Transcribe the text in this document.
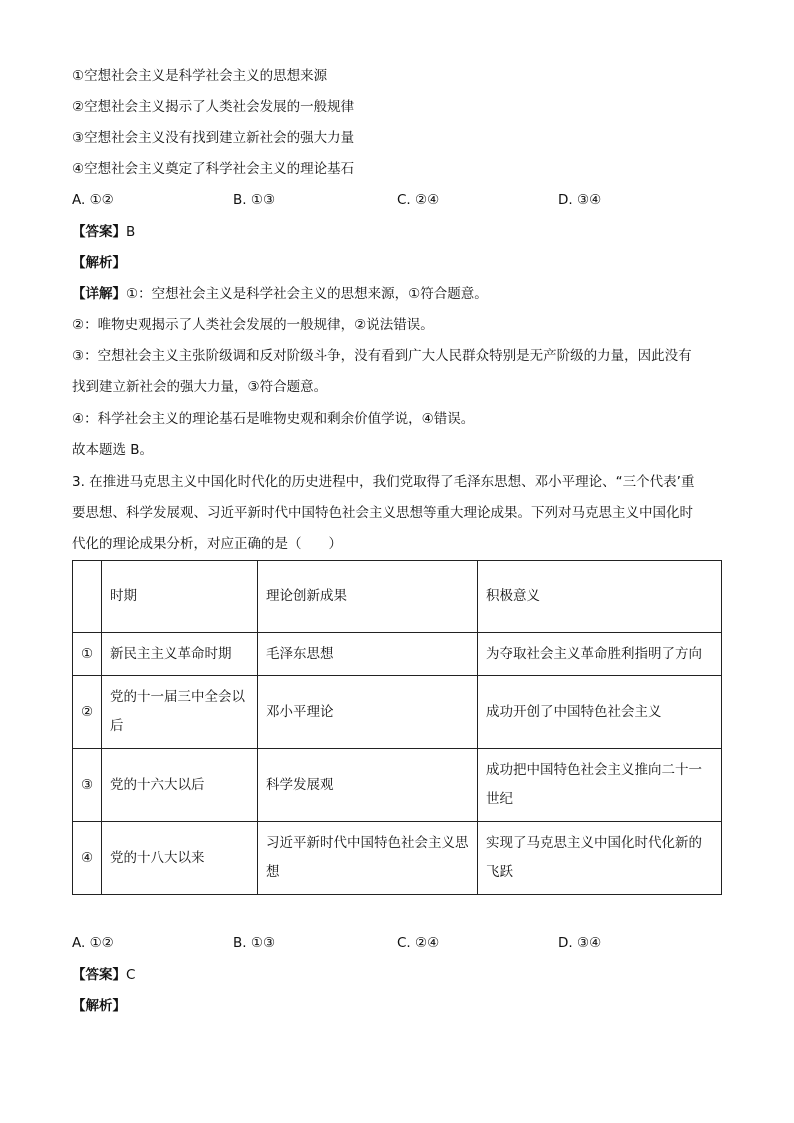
①空想社会主义是科学社会主义的思想来源
②空想社会主义揭示了人类社会发展的一般规律
③空想社会主义没有找到建立新社会的强大力量
④空想社会主义奠定了科学社会主义的理论基石
A. ①②	B. ①③	C. ②④	D. ③④
【答案】B
【解析】
【详解】①：空想社会主义是科学社会主义的思想来源，①符合题意。
②：唯物史观揭示了人类社会发展的一般规律，②说法错误。
③：空想社会主义主张阶级调和反对阶级斗争，没有看到广大人民群众特别是无产阶级的力量，因此没有
找到建立新社会的强大力量，③符合题意。
④：科学社会主义的理论基石是唯物史观和剩余价值学说，④错误。
故本题选 B。
3. 在推进马克思主义中国化时代化的历史进程中，我们党取得了毛泽东思想、邓小平理论、“三个代表’重
要思想、科学发展观、习近平新时代中国特色社会主义思想等重大理论成果。下列对马克思主义中国化时
代化的理论成果分析，对应正确的是（　　）
	时期	理论创新成果	积极意义
①	新民主主义革命时期	毛泽东思想	为夺取社会主义革命胜利指明了方向
②	党的十一届三中全会以后	邓小平理论	成功开创了中国特色社会主义
③	党的十六大以后	科学发展观	成功把中国特色社会主义推向二十一世纪
④	党的十八大以来	习近平新时代中国特色社会主义思想	实现了马克思主义中国化时代化新的飞跃
A. ①②	B. ①③	C. ②④	D. ③④
【答案】C
【解析】
